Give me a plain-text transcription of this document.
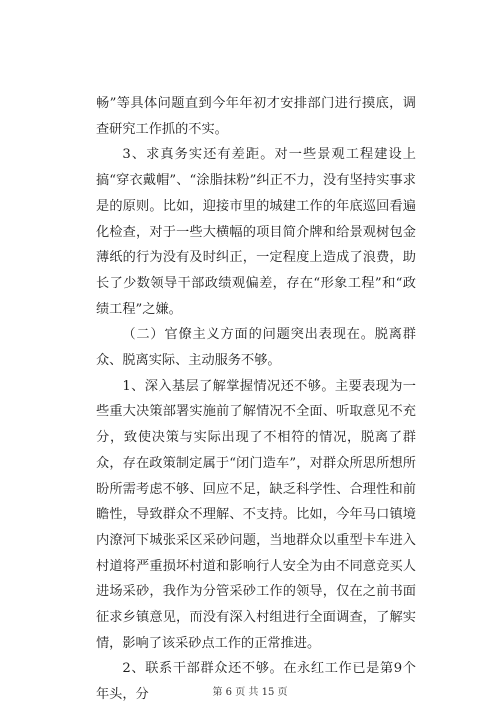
畅”等具体问题直到今年年初才安排部门进行摸底，调查研究工作抓的不实。

3、求真务实还有差距。对一些景观工程建设上搞“穿衣戴帽”、“涂脂抹粉”纠正不力，没有坚持实事求是的原则。比如，迎接市里的城建工作的年底巡回看遍化检查，对于一些大横幅的项目简介牌和给景观树包金薄纸的行为没有及时纠正，一定程度上造成了浪费，助长了少数领导干部政绩观偏差，存在“形象工程”和“政绩工程”之嫌。

（二）官僚主义方面的问题突出表现在。脱离群众、脱离实际、主动服务不够。

1、深入基层了解掌握情况还不够。主要表现为一些重大决策部署实施前了解情况不全面、听取意见不充分，致使决策与实际出现了不相符的情况，脱离了群众，存在政策制定属于“闭门造车”，对群众所思所想所盼所需考虑不够、回应不足，缺乏科学性、合理性和前瞻性，导致群众不理解、不支持。比如，今年马口镇境内潦河下城张采区采砂问题，当地群众以重型卡车进入村道将严重损坏村道和影响行人安全为由不同意竞买人进场采砂，我作为分管采砂工作的领导，仅在之前书面征求乡镇意见，而没有深入村组进行全面调查，了解实情，影响了该采砂点工作的正常推进。

2、联系干部群众还不够。在永红工作已是第9个年头，分	第 6 页 共 15 页
